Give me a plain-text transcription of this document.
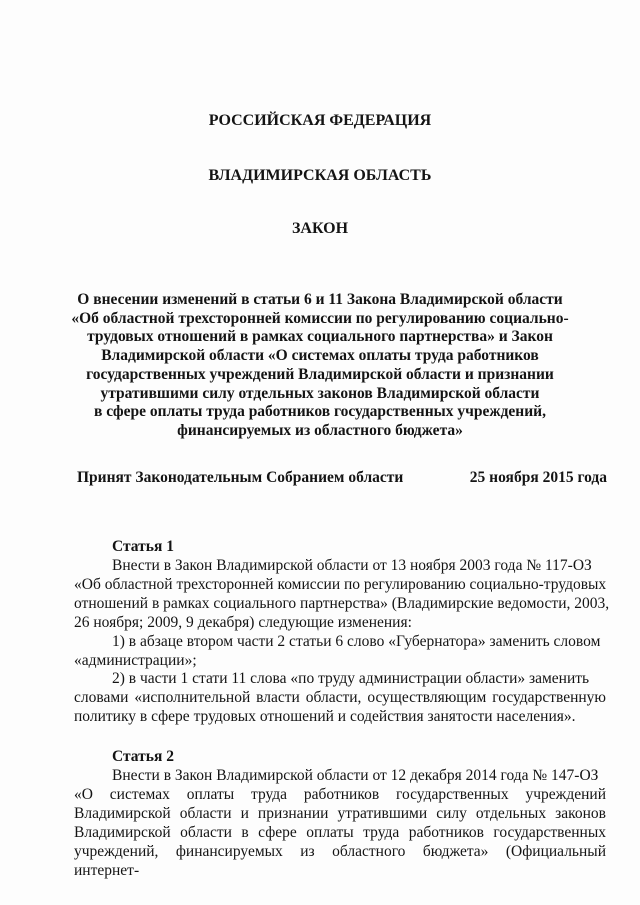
РОССИЙСКАЯ ФЕДЕРАЦИЯ

ВЛАДИМИРСКАЯ ОБЛАСТЬ

ЗАКОН

О внесении изменений в статьи 6 и 11 Закона Владимирской области
«Об областной трехсторонней комиссии по регулированию социально-
трудовых отношений в рамках социального партнерства» и Закон
Владимирской области «О системах оплаты труда работников
государственных учреждений Владимирской области и признании
утратившими силу отдельных законов Владимирской области
в сфере оплаты труда работников государственных учреждений,
финансируемых из областного бюджета»
Принят Законодательным Собранием области	25 ноября 2015 года

Статья 1

Внести в Закон Владимирской области от 13 ноября 2003 года № 117-ОЗ
«Об областной трехсторонней комиссии по регулированию социально-трудовых
отношений в рамках социального партнерства» (Владимирские ведомости, 2003,
26 ноября; 2009, 9 декабря) следующие изменения:
1) в абзаце втором части 2 статьи 6 слово «Губернатора» заменить словом
«администрации»;
2) в части 1 стати 11 слова «по труду администрации области» заменить
словами «исполнительной власти области, осуществляющим государственную
политику в сфере трудовых отношений и содействия занятости населения».

Статья 2

Внести в Закон Владимирской области от 12 декабря 2014 года № 147-ОЗ
«О системах оплаты труда работников государственных учреждений
Владимирской области и признании утратившими силу отдельных законов
Владимирской области в сфере оплаты труда работников государственных
учреждений, финансируемых из областного бюджета» (Официальный интернет-
